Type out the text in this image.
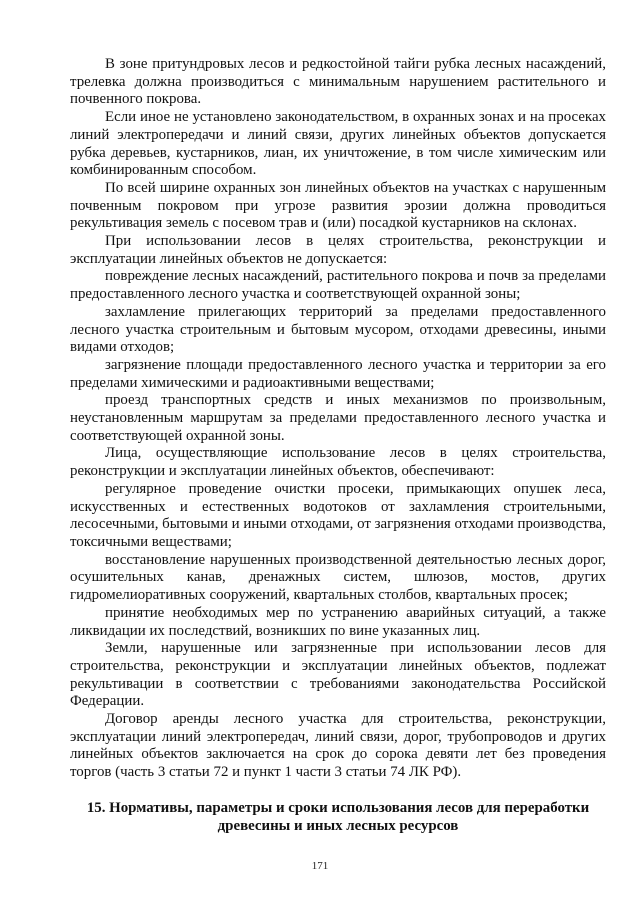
В зоне притундровых лесов и редкостойной тайги рубка лесных насаждений, трелевка должна производиться с минимальным нарушением растительного и почвенного покрова.

Если иное не установлено законодательством, в охранных зонах и на просеках линий электропередачи и линий связи, других линейных объектов допускается рубка деревьев, кустарников, лиан, их уничтожение, в том числе химическим или комбинированным способом.

По всей ширине охранных зон линейных объектов на участках с нарушенным почвенным покровом при угрозе развития эрозии должна проводиться рекультивация земель с посевом трав и (или) посадкой кустарников на склонах.

При использовании лесов в целях строительства, реконструкции и эксплуатации линейных объектов не допускается:

повреждение лесных насаждений, растительного покрова и почв за пределами предоставленного лесного участка и соответствующей охранной зоны;

захламление прилегающих территорий за пределами предоставленного лесного участка строительным и бытовым мусором, отходами древесины, иными видами отходов;

загрязнение площади предоставленного лесного участка и территории за его пределами химическими и радиоактивными веществами;

проезд транспортных средств и иных механизмов по произвольным, неустановленным маршрутам за пределами предоставленного лесного участка и соответствующей охранной зоны.

Лица, осуществляющие использование лесов в целях строительства, реконструкции и эксплуатации линейных объектов, обеспечивают:

регулярное проведение очистки просеки, примыкающих опушек леса, искусственных и естественных водотоков от захламления строительными, лесосечными, бытовыми и иными отходами, от загрязнения отходами производства, токсичными веществами;

восстановление нарушенных производственной деятельностью лесных дорог, осушительных канав, дренажных систем, шлюзов, мостов, других гидромелиоративных сооружений, квартальных столбов, квартальных просек;

принятие необходимых мер по устранению аварийных ситуаций, а также ликвидации их последствий, возникших по вине указанных лиц.

Земли, нарушенные или загрязненные при использовании лесов для строительства, реконструкции и эксплуатации линейных объектов, подлежат рекультивации в соответствии с требованиями законодательства Российской Федерации.

Договор аренды лесного участка для строительства, реконструкции, эксплуатации линий электропередач, линий связи, дорог, трубопроводов и других линейных объектов заключается на срок до сорока девяти лет без проведения торгов (часть 3 статьи 72 и пункт 1 части 3 статьи 74 ЛК РФ).

15. Нормативы, параметры и сроки использования лесов для переработки древесины и иных лесных ресурсов
171
